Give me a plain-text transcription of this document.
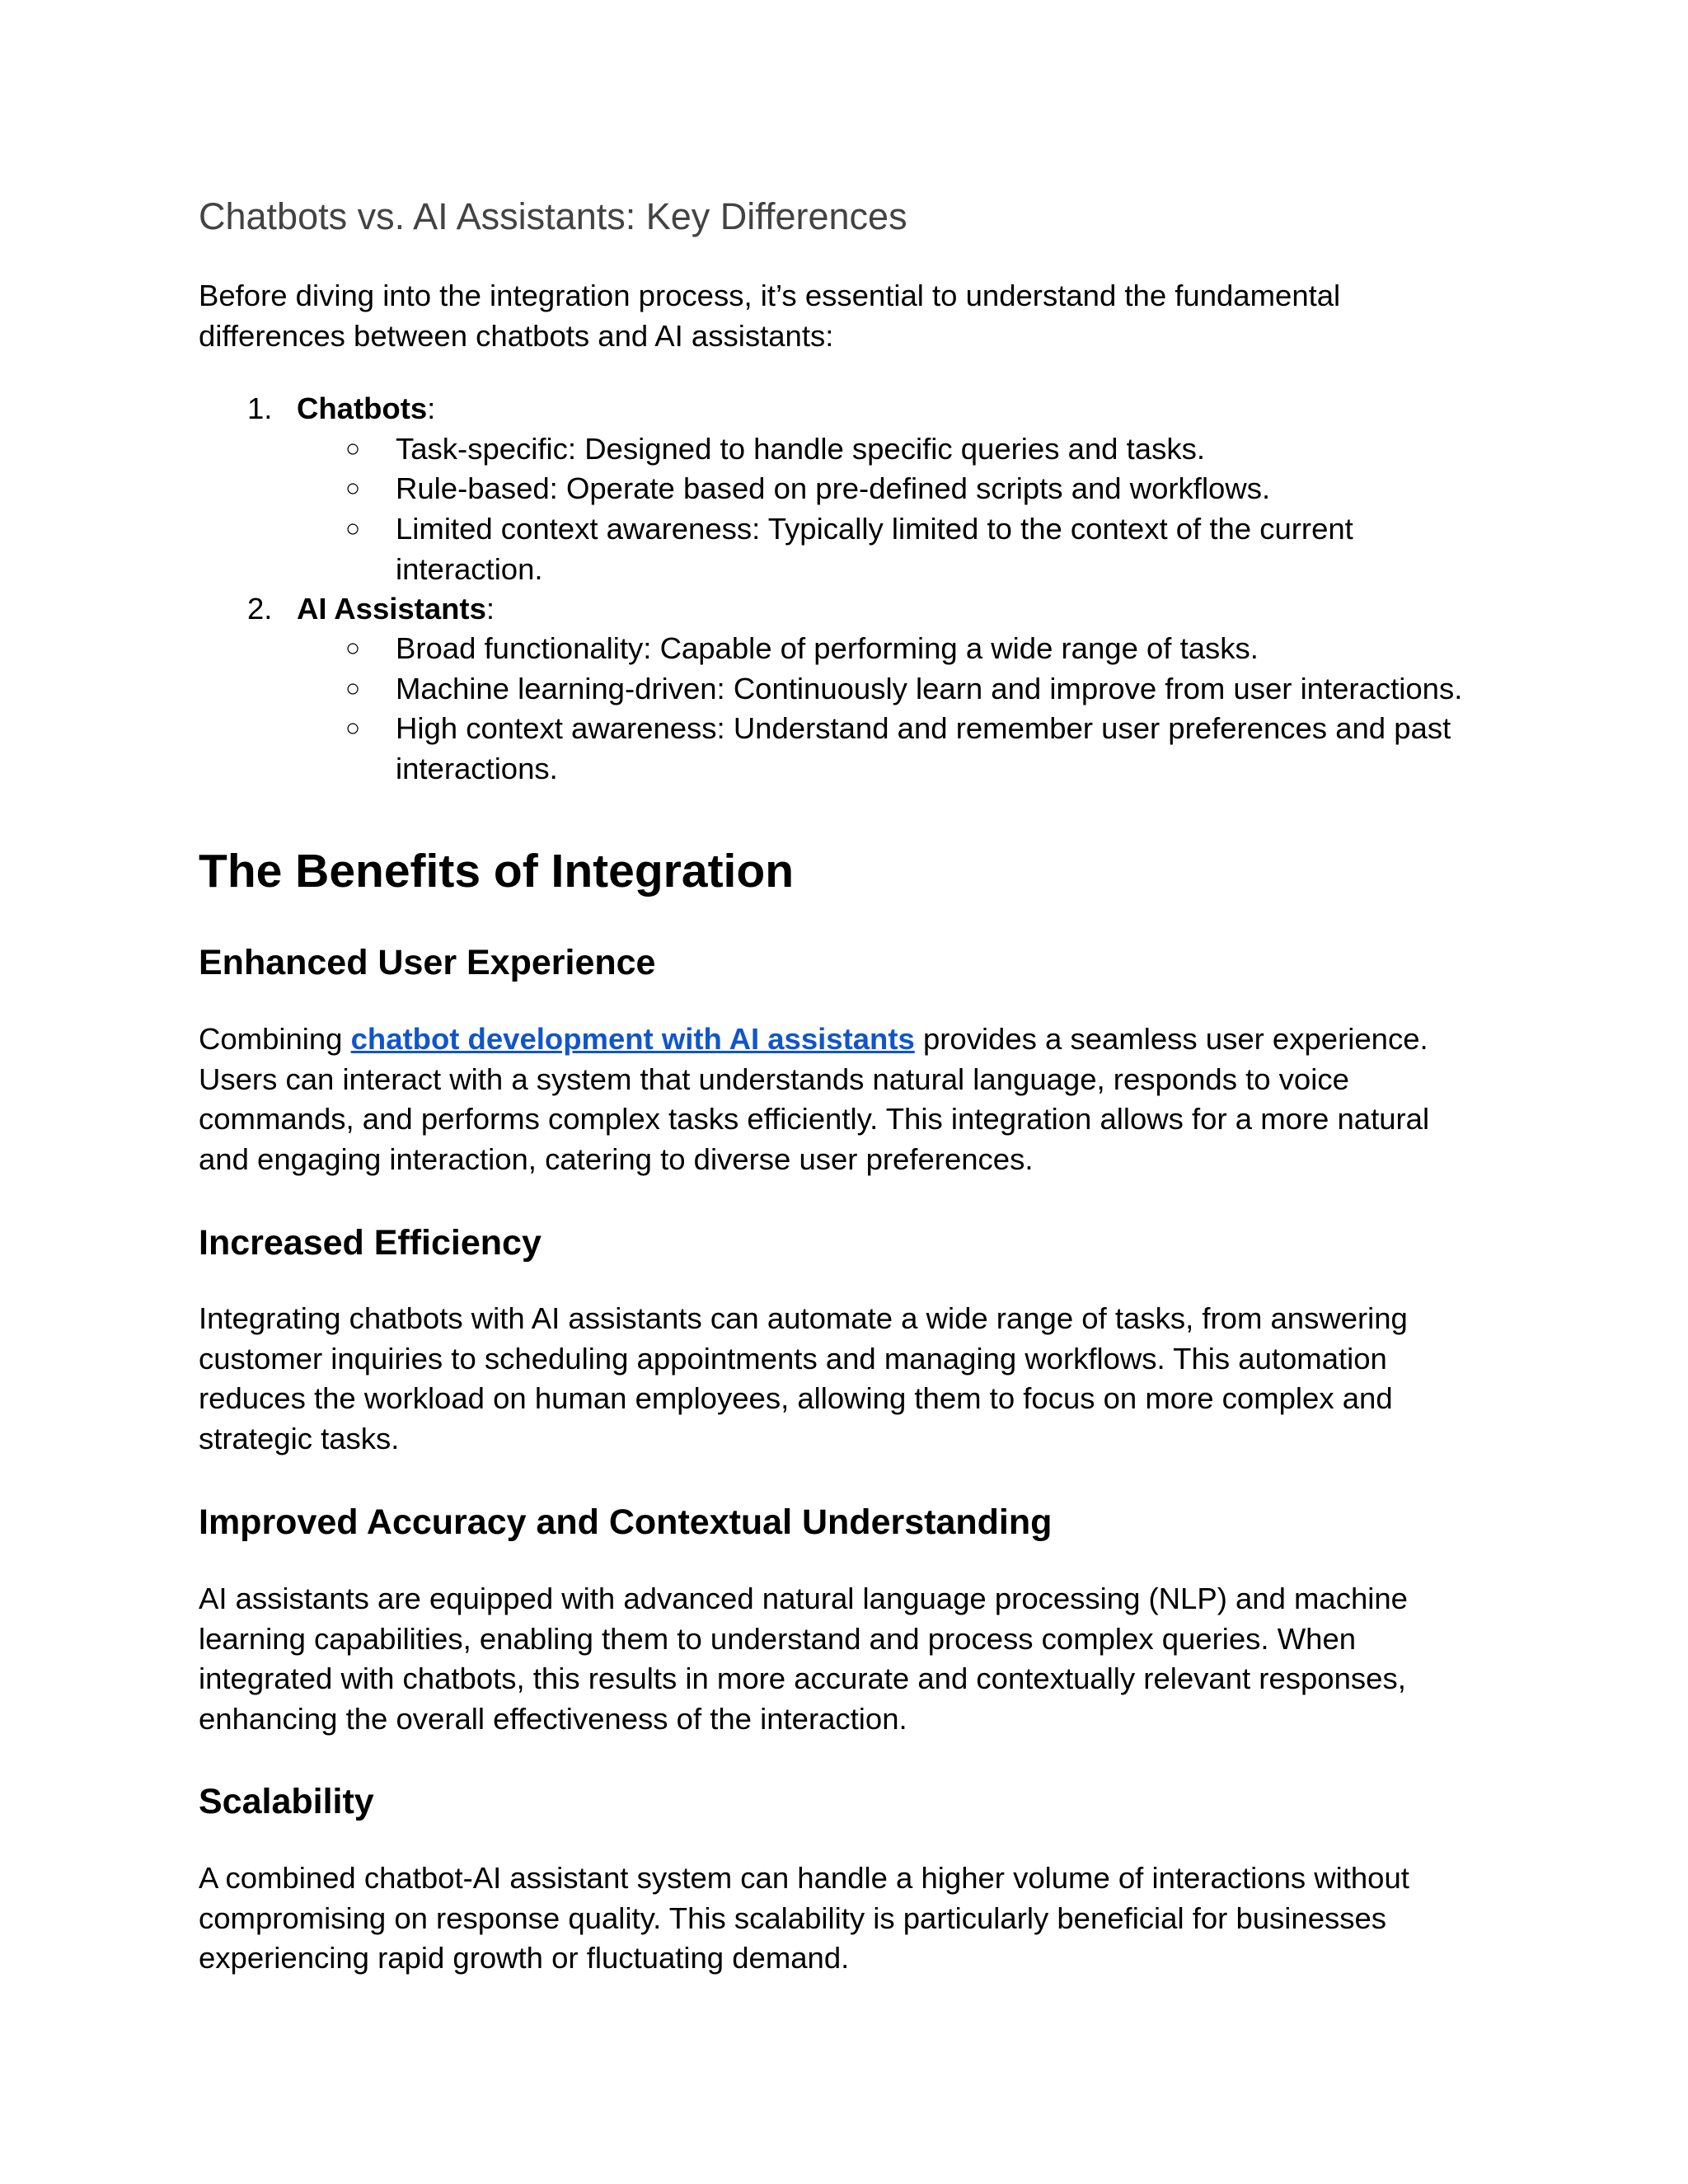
Chatbots vs. AI Assistants: Key Differences

Before diving into the integration process, it’s essential to understand the fundamental differences between chatbots and AI assistants:

1. Chatbots:
○ Task-specific: Designed to handle specific queries and tasks.
○ Rule-based: Operate based on pre-defined scripts and workflows.
○ Limited context awareness: Typically limited to the context of the current interaction.
2. AI Assistants:
○ Broad functionality: Capable of performing a wide range of tasks.
○ Machine learning-driven: Continuously learn and improve from user interactions.
○ High context awareness: Understand and remember user preferences and past interactions.
The Benefits of Integration
Enhanced User Experience

Combining chatbot development with AI assistants provides a seamless user experience. Users can interact with a system that understands natural language, responds to voice commands, and performs complex tasks efficiently. This integration allows for a more natural and engaging interaction, catering to diverse user preferences.

Increased Efficiency

Integrating chatbots with AI assistants can automate a wide range of tasks, from answering customer inquiries to scheduling appointments and managing workflows. This automation reduces the workload on human employees, allowing them to focus on more complex and strategic tasks.

Improved Accuracy and Contextual Understanding

AI assistants are equipped with advanced natural language processing (NLP) and machine learning capabilities, enabling them to understand and process complex queries. When integrated with chatbots, this results in more accurate and contextually relevant responses, enhancing the overall effectiveness of the interaction.

Scalability

A combined chatbot-AI assistant system can handle a higher volume of interactions without compromising on response quality. This scalability is particularly beneficial for businesses experiencing rapid growth or fluctuating demand.
